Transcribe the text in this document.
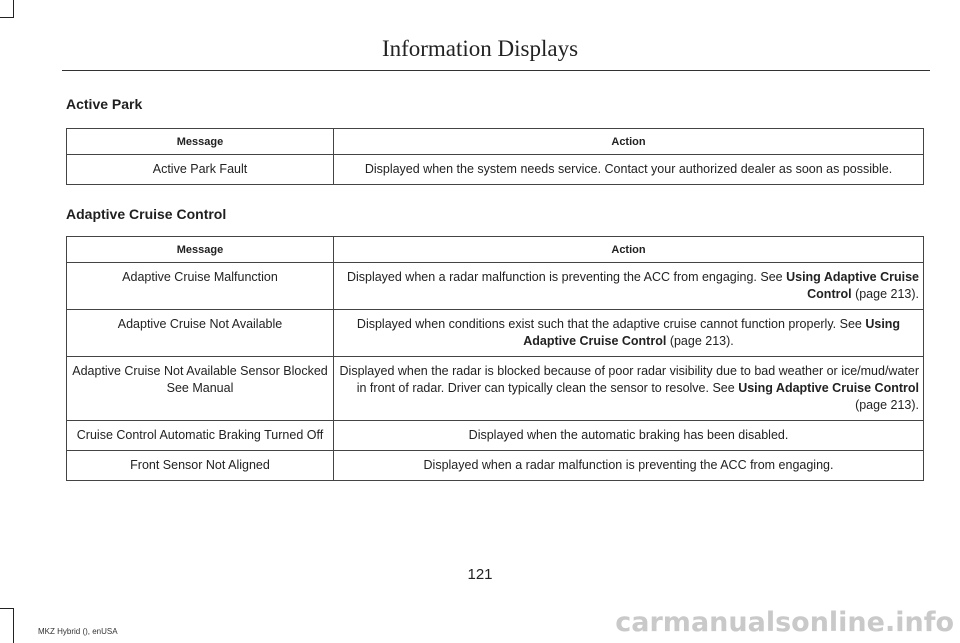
Information Displays
Active Park
Message	Action
Active Park Fault	Displayed when the system needs service. Contact your authorized dealer as soon as possible.
Adaptive Cruise Control
Message	Action
Adaptive Cruise Malfunction	Displayed when a radar malfunction is preventing the ACC from engaging. See Using Adaptive Cruise Control (page 213).
Adaptive Cruise Not Available	Displayed when conditions exist such that the adaptive cruise cannot function properly. See Using Adaptive Cruise Control (page 213).
Adaptive Cruise Not Available Sensor Blocked See Manual	Displayed when the radar is blocked because of poor radar visibility due to bad weather or ice/mud/water in front of radar. Driver can typically clean the sensor to resolve. See Using Adaptive Cruise Control (page 213).
Cruise Control Automatic Braking Turned Off	Displayed when the automatic braking has been disabled.
Front Sensor Not Aligned	Displayed when a radar malfunction is preventing the ACC from engaging.
121
MKZ Hybrid (), enUSA	carmanualsonline.info
